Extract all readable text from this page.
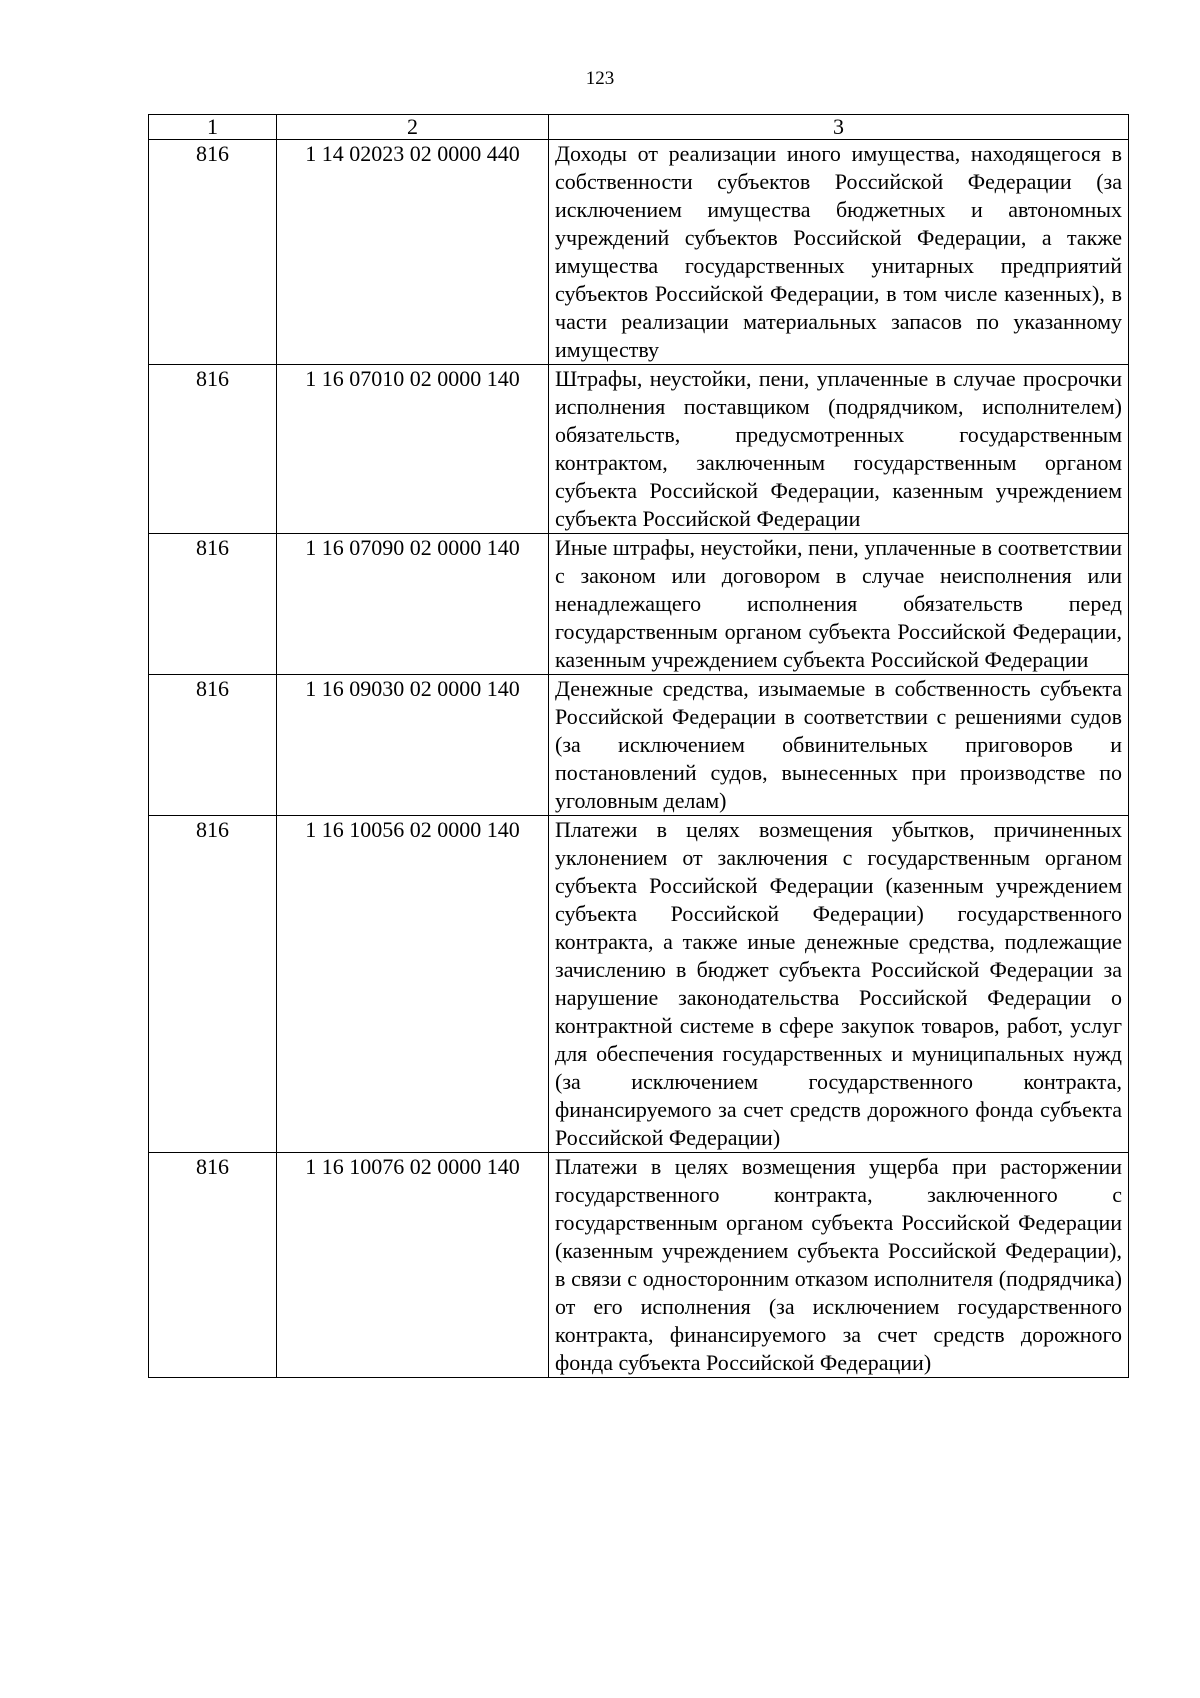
123
1	2	3
816	1 14 02023 02 0000 440	Доходы от реализации иного имущества, находящегося в собственности субъектов Российской Федерации (за исключением имущества бюджетных и автономных учреждений субъектов Российской Федерации, а также имущества государственных унитарных предприятий субъектов Российской Федерации, в том числе казенных), в части реализации материальных запасов по указанному имуществу
816	1 16 07010 02 0000 140	Штрафы, неустойки, пени, уплаченные в случае просрочки исполнения поставщиком (подрядчиком, исполнителем) обязательств, предусмотренных государственным контрактом, заключенным государственным органом субъекта Российской Федерации, казенным учреждением субъекта Российской Федерации
816	1 16 07090 02 0000 140	Иные штрафы, неустойки, пени, уплаченные в соответствии с законом или договором в случае неисполнения или ненадлежащего исполнения обязательств перед государственным органом субъекта Российской Федерации, казенным учреждением субъекта Российской Федерации
816	1 16 09030 02 0000 140	Денежные средства, изымаемые в собственность субъекта Российской Федерации в соответствии с решениями судов (за исключением обвинительных приговоров и постановлений судов, вынесенных при производстве по уголовным делам)
816	1 16 10056 02 0000 140	Платежи в целях возмещения убытков, причиненных уклонением от заключения с государственным органом субъекта Российской Федерации (казенным учреждением субъекта Российской Федерации) государственного контракта, а также иные денежные средства, подлежащие зачислению в бюджет субъекта Российской Федерации за нарушение законодательства Российской Федерации о контрактной системе в сфере закупок товаров, работ, услуг для обеспечения государственных и муниципальных нужд (за исключением государственного контракта, финансируемого за счет средств дорожного фонда субъекта Российской Федерации)
816	1 16 10076 02 0000 140	Платежи в целях возмещения ущерба при расторжении государственного контракта, заключенного с государственным органом субъекта Российской Федерации (казенным учреждением субъекта Российской Федерации), в связи с односторонним отказом исполнителя (подрядчика) от его исполнения (за исключением государственного контракта, финансируемого за счет средств дорожного фонда субъекта Российской Федерации)
